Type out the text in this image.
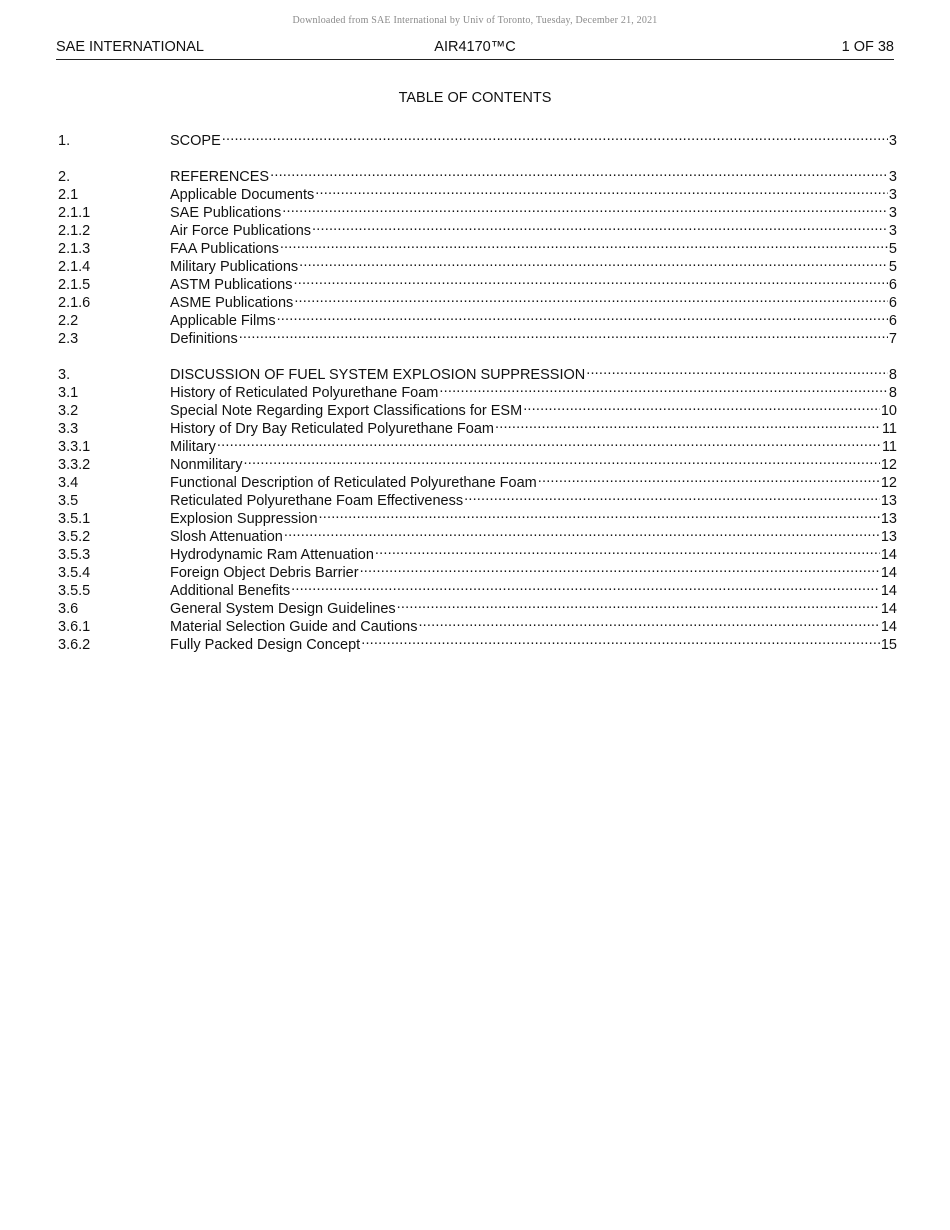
Downloaded from SAE International by Univ of Toronto, Tuesday, December 21, 2021
AIR4170™C
SAE INTERNATIONAL	1 OF 38
TABLE OF CONTENTS
1.	SCOPE .....	3
2.	REFERENCES .....	3
2.1	Applicable Documents .....	3
2.1.1	SAE Publications .....	3
2.1.2	Air Force Publications .....	3
2.1.3	FAA Publications .....	5
2.1.4	Military Publications .....	5
2.1.5	ASTM Publications .....	6
2.1.6	ASME Publications .....	6
2.2	Applicable Films .....	6
2.3	Definitions .....	7
3.	DISCUSSION OF FUEL SYSTEM EXPLOSION SUPPRESSION .....	8
3.1	History of Reticulated Polyurethane Foam .....	8
3.2	Special Note Regarding Export Classifications for ESM .....	10
3.3	History of Dry Bay Reticulated Polyurethane Foam .....	11
3.3.1	Military .....	11
3.3.2	Nonmilitary .....	12
3.4	Functional Description of Reticulated Polyurethane Foam .....	12
3.5	Reticulated Polyurethane Foam Effectiveness .....	13
3.5.1	Explosion Suppression .....	13
3.5.2	Slosh Attenuation .....	13
3.5.3	Hydrodynamic Ram Attenuation .....	14
3.5.4	Foreign Object Debris Barrier .....	14
3.5.5	Additional Benefits .....	14
3.6	General System Design Guidelines .....	14
3.6.1	Material Selection Guide and Cautions .....	14
3.6.2	Fully Packed Design Concept .....	15
